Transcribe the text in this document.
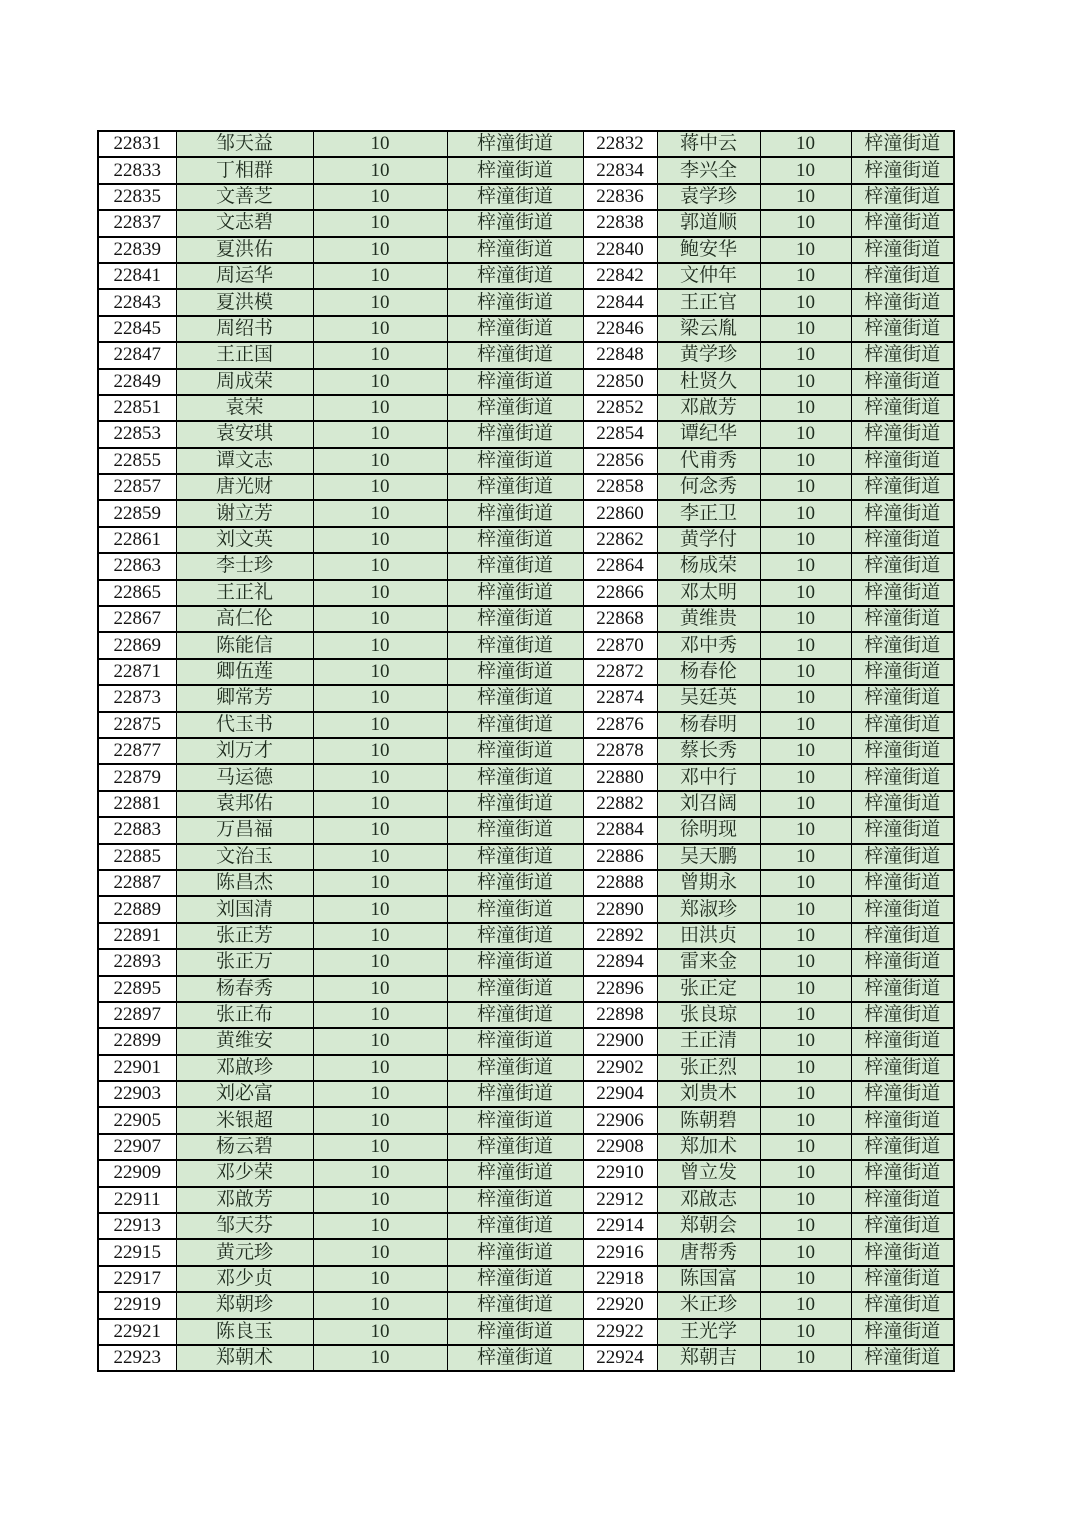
22831	邹天益	10	梓潼街道	22832	蒋中云	10	梓潼街道
22833	丁相群	10	梓潼街道	22834	李兴全	10	梓潼街道
22835	文善芝	10	梓潼街道	22836	袁学珍	10	梓潼街道
22837	文志碧	10	梓潼街道	22838	郭道顺	10	梓潼街道
22839	夏洪佑	10	梓潼街道	22840	鲍安华	10	梓潼街道
22841	周运华	10	梓潼街道	22842	文仲年	10	梓潼街道
22843	夏洪模	10	梓潼街道	22844	王正官	10	梓潼街道
22845	周绍书	10	梓潼街道	22846	梁云胤	10	梓潼街道
22847	王正国	10	梓潼街道	22848	黄学珍	10	梓潼街道
22849	周成荣	10	梓潼街道	22850	杜贤久	10	梓潼街道
22851	袁荣	10	梓潼街道	22852	邓啟芳	10	梓潼街道
22853	袁安琪	10	梓潼街道	22854	谭纪华	10	梓潼街道
22855	谭文志	10	梓潼街道	22856	代甫秀	10	梓潼街道
22857	唐光财	10	梓潼街道	22858	何念秀	10	梓潼街道
22859	谢立芳	10	梓潼街道	22860	李正卫	10	梓潼街道
22861	刘文英	10	梓潼街道	22862	黄学付	10	梓潼街道
22863	李士珍	10	梓潼街道	22864	杨成荣	10	梓潼街道
22865	王正礼	10	梓潼街道	22866	邓太明	10	梓潼街道
22867	高仁伦	10	梓潼街道	22868	黄维贵	10	梓潼街道
22869	陈能信	10	梓潼街道	22870	邓中秀	10	梓潼街道
22871	卿伍莲	10	梓潼街道	22872	杨春伦	10	梓潼街道
22873	卿常芳	10	梓潼街道	22874	吴廷英	10	梓潼街道
22875	代玉书	10	梓潼街道	22876	杨春明	10	梓潼街道
22877	刘万才	10	梓潼街道	22878	蔡长秀	10	梓潼街道
22879	马运德	10	梓潼街道	22880	邓中行	10	梓潼街道
22881	袁邦佑	10	梓潼街道	22882	刘召阔	10	梓潼街道
22883	万昌福	10	梓潼街道	22884	徐明现	10	梓潼街道
22885	文治玉	10	梓潼街道	22886	吴天鹏	10	梓潼街道
22887	陈昌杰	10	梓潼街道	22888	曾期永	10	梓潼街道
22889	刘国清	10	梓潼街道	22890	郑淑珍	10	梓潼街道
22891	张正芳	10	梓潼街道	22892	田洪贞	10	梓潼街道
22893	张正万	10	梓潼街道	22894	雷来金	10	梓潼街道
22895	杨春秀	10	梓潼街道	22896	张正定	10	梓潼街道
22897	张正布	10	梓潼街道	22898	张良琼	10	梓潼街道
22899	黄维安	10	梓潼街道	22900	王正清	10	梓潼街道
22901	邓啟珍	10	梓潼街道	22902	张正烈	10	梓潼街道
22903	刘必富	10	梓潼街道	22904	刘贵木	10	梓潼街道
22905	米银超	10	梓潼街道	22906	陈朝碧	10	梓潼街道
22907	杨云碧	10	梓潼街道	22908	郑加术	10	梓潼街道
22909	邓少荣	10	梓潼街道	22910	曾立发	10	梓潼街道
22911	邓啟芳	10	梓潼街道	22912	邓啟志	10	梓潼街道
22913	邹天芬	10	梓潼街道	22914	郑朝会	10	梓潼街道
22915	黄元珍	10	梓潼街道	22916	唐帮秀	10	梓潼街道
22917	邓少贞	10	梓潼街道	22918	陈国富	10	梓潼街道
22919	郑朝珍	10	梓潼街道	22920	米正珍	10	梓潼街道
22921	陈良玉	10	梓潼街道	22922	王光学	10	梓潼街道
22923	郑朝术	10	梓潼街道	22924	郑朝吉	10	梓潼街道
